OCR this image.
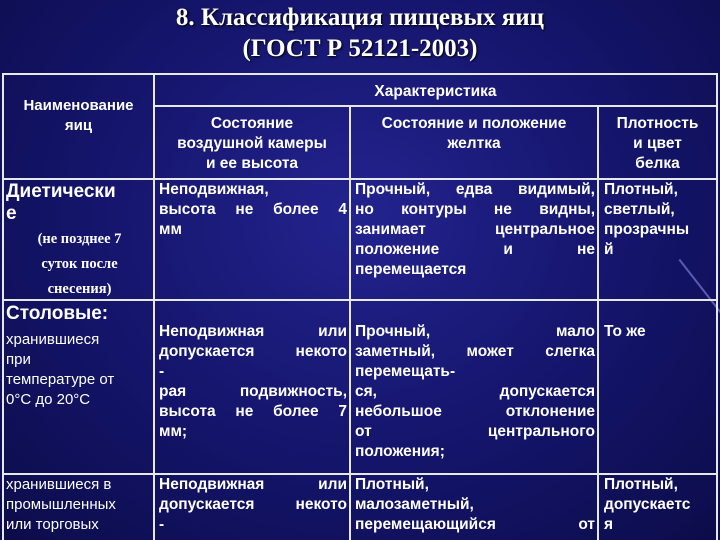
8. Классификация пищевых яиц
(ГОСТ Р 52121-2003)
Наименование
яиц
Характеристика
Состояние
воздушной камеры
и ее высота
Состояние и положение
желтка
Плотность
и цвет
белка
Диетически
е
(не позднее 7
суток после
снесения)
Неподвижная,
высота не более 4
мм
Прочный, едва видимый,
но контуры не видны,
занимает центральное
положение и не
перемещается
Плотный,
светлый,
прозрачны
й
Столовые:
хранившиеся
при
температуре от
0°С до 20°С
Неподвижная или
допускается некото
-
рая подвижность,
высота не более 7
мм;
Прочный, мало
заметный, может слегка
перемещать-
ся, допускается
небольшое отклонение
от центрального
положения;
То же
хранившиеся в
промышленных
или торговых
Неподвижная или
допускается некото
-
Плотный,
малозаметный,
перемещающийся от
Плотный,
допускаетс
я
